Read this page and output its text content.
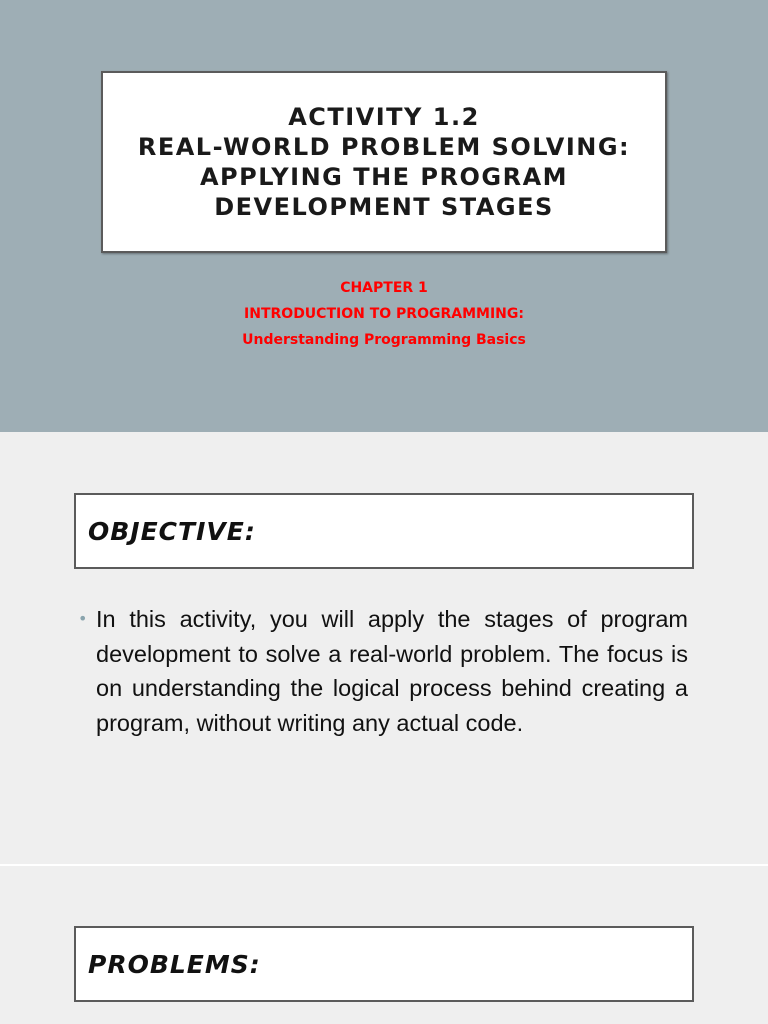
ACTIVITY 1.2
REAL-WORLD PROBLEM SOLVING:
APPLYING THE PROGRAM
DEVELOPMENT STAGES
CHAPTER 1
INTRODUCTION TO PROGRAMMING:
Understanding Programming Basics
OBJECTIVE:
• In this activity, you will apply the stages of program development to solve a real-world problem. The focus is on understanding the logical process behind creating a program, without writing any actual code.
PROBLEMS:
